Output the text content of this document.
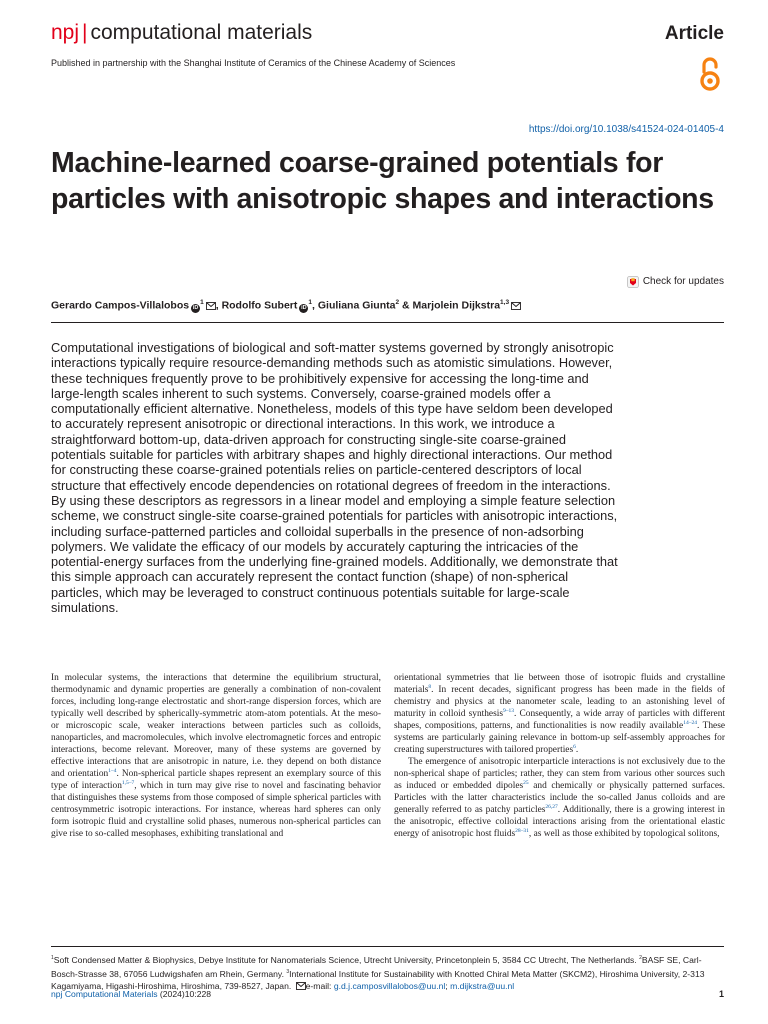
npj | computational materials	Article
Published in partnership with the Shanghai Institute of Ceramics of the Chinese Academy of Sciences
https://doi.org/10.1038/s41524-024-01405-4
Machine-learned coarse-grained potentials for particles with anisotropic shapes and interactions
Check for updates
Gerardo Campos-Villalobos $iD^1$ , Rodolfo Subert $iD^1$, Giuliana Giunta$^2$ & Marjolein Dijkstra$^{1,3}$

Computational investigations of biological and soft-matter systems governed by strongly anisotropic interactions typically require resource-demanding methods such as atomistic simulations. However, these techniques frequently prove to be prohibitively expensive for accessing the long-time and large-length scales inherent to such systems. Conversely, coarse-grained models offer a computationally efficient alternative. Nonetheless, models of this type have seldom been developed to accurately represent anisotropic or directional interactions. In this work, we introduce a straightforward bottom-up, data-driven approach for constructing single-site coarse-grained potentials suitable for particles with arbitrary shapes and highly directional interactions. Our method for constructing these coarse-grained potentials relies on particle-centered descriptors of local structure that effectively encode dependencies on rotational degrees of freedom in the interactions. By using these descriptors as regressors in a linear model and employing a simple feature selection scheme, we construct single-site coarse-grained potentials for particles with anisotropic interactions, including surface-patterned particles and colloidal superballs in the presence of non-adsorbing polymers. We validate the efficacy of our models by accurately capturing the intricacies of the potential-energy surfaces from the underlying fine-grained models. Additionally, we demonstrate that this simple approach can accurately represent the contact function (shape) of non-spherical particles, which may be leveraged to construct continuous potentials suitable for large-scale simulations.

In molecular systems, the interactions that determine the equilibrium structural, thermodynamic and dynamic properties are generally a combination of non-covalent forces, including long-range electrostatic and short-range dispersion forces, which are typically well described by spherically-symmetric atom-atom potentials. At the meso- or microscopic scale, weaker interactions between particles such as colloids, nanoparticles, and macromolecules, which involve electromagnetic forces and entropic interactions, become relevant. Moreover, many of these systems are governed by effective interactions that are anisotropic in nature, i.e. they depend on both distance and orientation$^{1-4}$. Non-spherical particle shapes represent an exemplary source of this type of interaction$^{1,5-7}$, which in turn may give rise to novel and fascinating behavior that distinguishes these systems from those composed of simple spherical particles with centrosymmetric isotropic interactions. For instance, whereas hard spheres can only form isotropic fluid and crystalline solid phases, numerous non-spherical particles can give rise to so-called mesophases, exhibiting translational and

orientational symmetries that lie between those of isotropic fluids and crystalline materials$^8$. In recent decades, significant progress has been made in the fields of chemistry and physics at the nanometer scale, leading to an astonishing level of maturity in colloid synthesis$^{9-13}$. Consequently, a wide array of particles with different shapes, compositions, patterns, and functionalities is now readily available$^{14-24}$. These systems are particularly gaining relevance in bottom-up self-assembly approaches for creating superstructures with tailored properties$^6$.

The emergence of anisotropic interparticle interactions is not exclusively due to the non-spherical shape of particles; rather, they can stem from various other sources such as induced or embedded dipoles$^{25}$ and chemically or physically patterned surfaces. Particles with the latter characteristics include the so-called Janus colloids and are generally referred to as patchy particles$^{26,27}$. Additionally, there is a growing interest in the anisotropic, effective colloidal interactions arising from the orientational elastic energy of anisotropic host fluids$^{28-31}$, as well as those exhibited by topological solitons,

$^1$Soft Condensed Matter & Biophysics, Debye Institute for Nanomaterials Science, Utrecht University, Princetonplein 5, 3584 CC Utrecht, The Netherlands. $^2$BASF SE, Carl-Bosch-Strasse 38, 67056 Ludwigshafen am Rhein, Germany. $^3$International Institute for Sustainability with Knotted Chiral Meta Matter (SKCM2), Hiroshima University, 2-313 Kagamiyama, Higashi-Hiroshima, Hiroshima, 739-8527, Japan. e-mail: g.d.j.camposvillalobos@uu.nl; m.dijkstra@uu.nl

npj Computational Materials (2024)10:228	1
